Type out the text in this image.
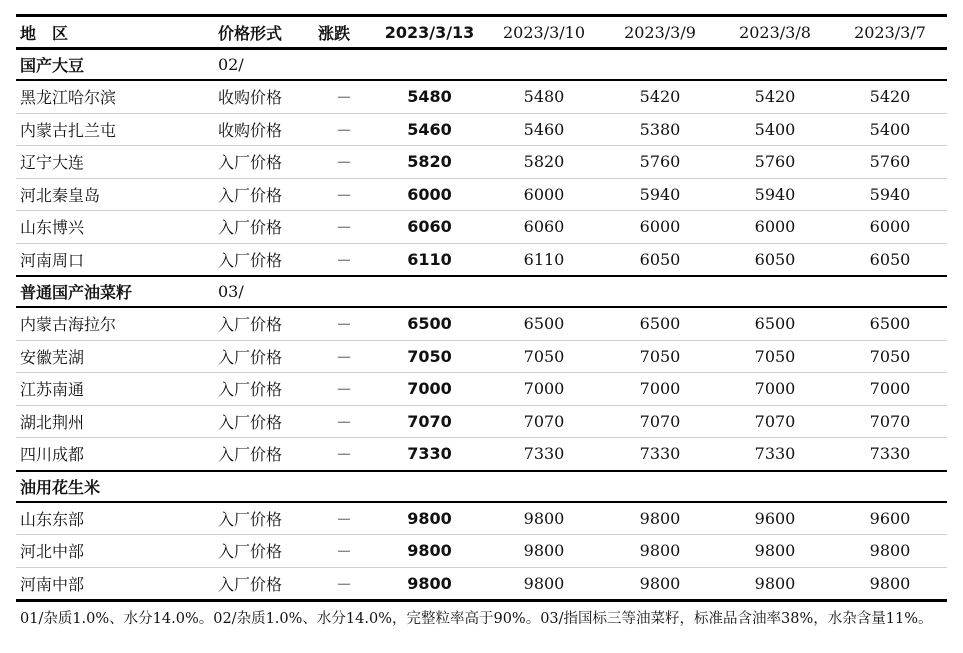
地　区	价格形式	涨跌	2023/3/13	2023/3/10	2023/3/9	2023/3/8	2023/3/7
国产大豆	02/						
黑龙江哈尔滨	收购价格	－	5480	5480	5420	5420	5420
内蒙古扎兰屯	收购价格	－	5460	5460	5380	5400	5400
辽宁大连	入厂价格	－	5820	5820	5760	5760	5760
河北秦皇岛	入厂价格	－	6000	6000	5940	5940	5940
山东博兴	入厂价格	－	6060	6060	6000	6000	6000
河南周口	入厂价格	－	6110	6110	6050	6050	6050
普通国产油菜籽	03/						
内蒙古海拉尔	入厂价格	－	6500	6500	6500	6500	6500
安徽芜湖	入厂价格	－	7050	7050	7050	7050	7050
江苏南通	入厂价格	－	7000	7000	7000	7000	7000
湖北荆州	入厂价格	－	7070	7070	7070	7070	7070
四川成都	入厂价格	－	7330	7330	7330	7330	7330
油用花生米							
山东东部	入厂价格	－	9800	9800	9800	9600	9600
河北中部	入厂价格	－	9800	9800	9800	9800	9800
河南中部	入厂价格	－	9800	9800	9800	9800	9800

01/杂质1.0%、水分14.0%。02/杂质1.0%、水分14.0%，完整粒率高于90%。03/指国标三等油菜籽，标准品含油率38%，水杂含量11%。
